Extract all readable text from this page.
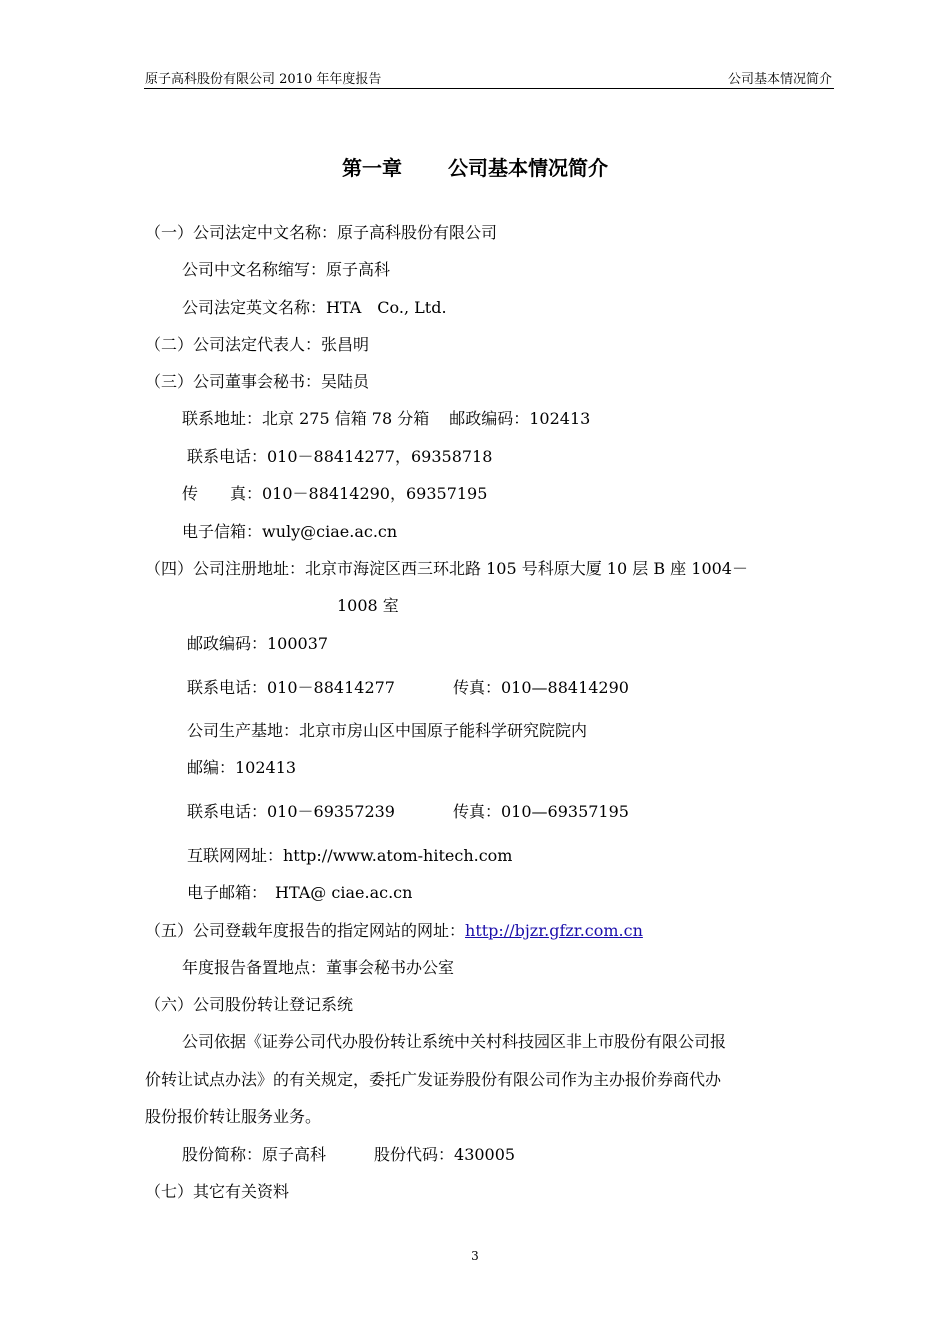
原子高科股份有限公司 2010 年年度报告	公司基本情况简介
第一章 公司基本情况简介
（一）公司法定中文名称：原子高科股份有限公司
公司中文名称缩写：原子高科
公司法定英文名称：HTA　Co., Ltd.
（二）公司法定代表人：张昌明
（三）公司董事会秘书：吴陆员
联系地址：北京 275 信箱 78 分箱 邮政编码：102413
联系电话：010－88414277，69358718
传　　真：010－88414290，69357195
电子信箱：wuly@ciae.ac.cn
（四）公司注册地址：北京市海淀区西三环北路 105 号科原大厦 10 层 B 座 1004－
1008 室
邮政编码：100037
联系电话：010－88414277	传真：010—88414290
公司生产基地：北京市房山区中国原子能科学研究院院内
邮编：102413
联系电话：010－69357239	传真：010—69357195
互联网网址：http://www.atom-hitech.com
电子邮箱：　HTA@ ciae.ac.cn
（五）公司登载年度报告的指定网站的网址：http://bjzr.gfzr.com.cn
年度报告备置地点：董事会秘书办公室
（六）公司股份转让登记系统
公司依据《证券公司代办股份转让系统中关村科技园区非上市股份有限公司报
价转让试点办法》的有关规定，委托广发证券股份有限公司作为主办报价券商代办
股份报价转让服务业务。
股份简称：原子高科	股份代码：430005
（七）其它有关资料
3
